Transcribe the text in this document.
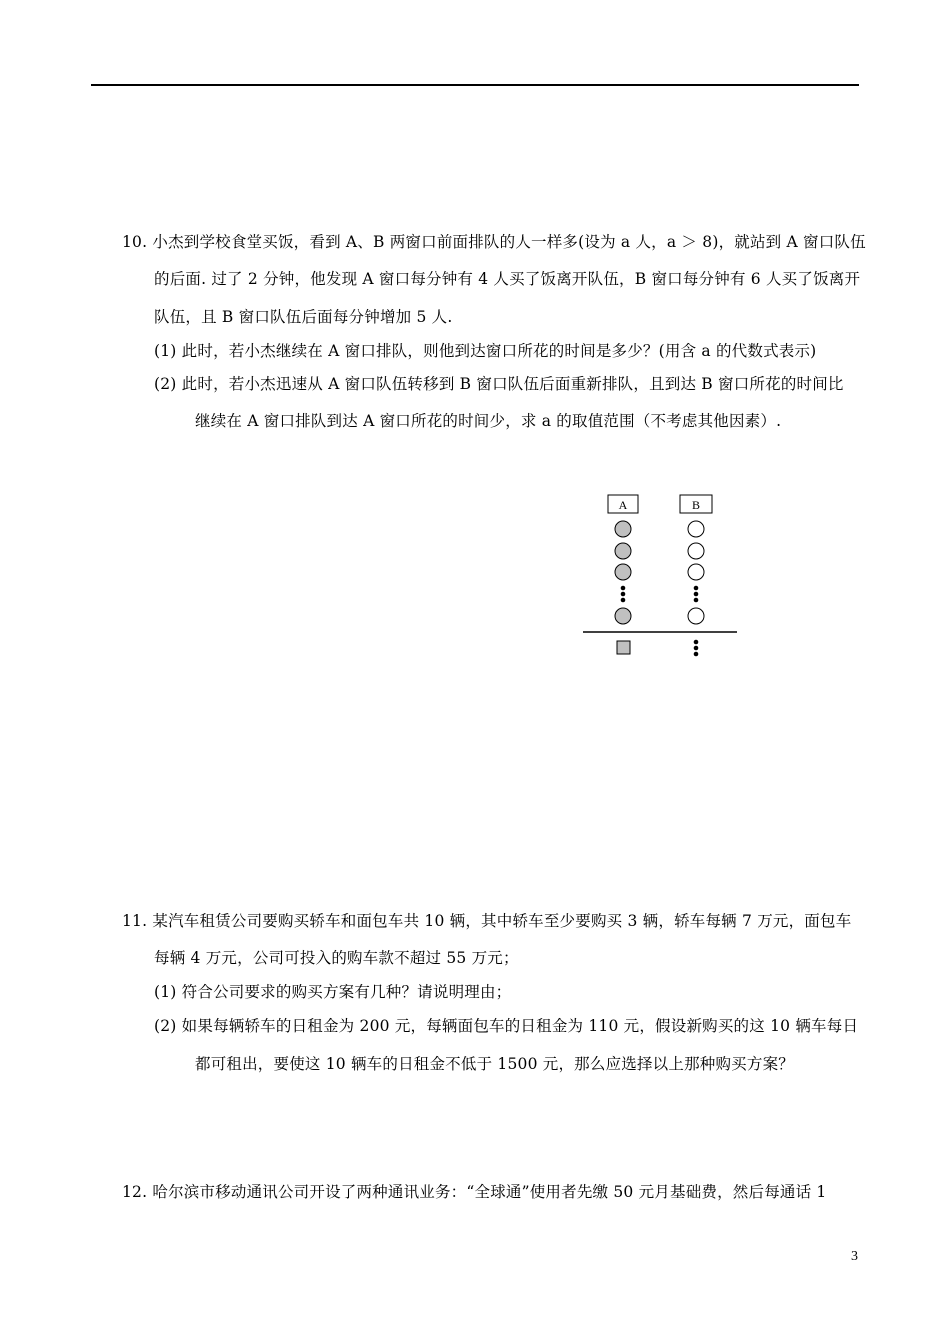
10. 小杰到学校食堂买饭，看到 A、B 两窗口前面排队的人一样多(设为 a 人，a ＞ 8)，就站到 A 窗口队伍
的后面. 过了 2 分钟，他发现 A 窗口每分钟有 4 人买了饭离开队伍，B 窗口每分钟有 6 人买了饭离开
队伍，且 B 窗口队伍后面每分钟增加 5 人.
(1) 此时，若小杰继续在 A 窗口排队，则他到达窗口所花的时间是多少？(用含 a 的代数式表示)
(2) 此时，若小杰迅速从 A 窗口队伍转移到 B 窗口队伍后面重新排队，且到达 B 窗口所花的时间比
继续在 A 窗口排队到达 A 窗口所花的时间少，求 a 的取值范围（不考虑其他因素）.
A	B
11. 某汽车租赁公司要购买轿车和面包车共 10 辆，其中轿车至少要购买 3 辆，轿车每辆 7 万元，面包车
每辆 4 万元，公司可投入的购车款不超过 55 万元；
(1) 符合公司要求的购买方案有几种？请说明理由；
(2) 如果每辆轿车的日租金为 200 元，每辆面包车的日租金为 110 元，假设新购买的这 10 辆车每日
都可租出，要使这 10 辆车的日租金不低于 1500 元，那么应选择以上那种购买方案？
12. 哈尔滨市移动通讯公司开设了两种通讯业务：“全球通”使用者先缴 50 元月基础费，然后每通话 1
3
